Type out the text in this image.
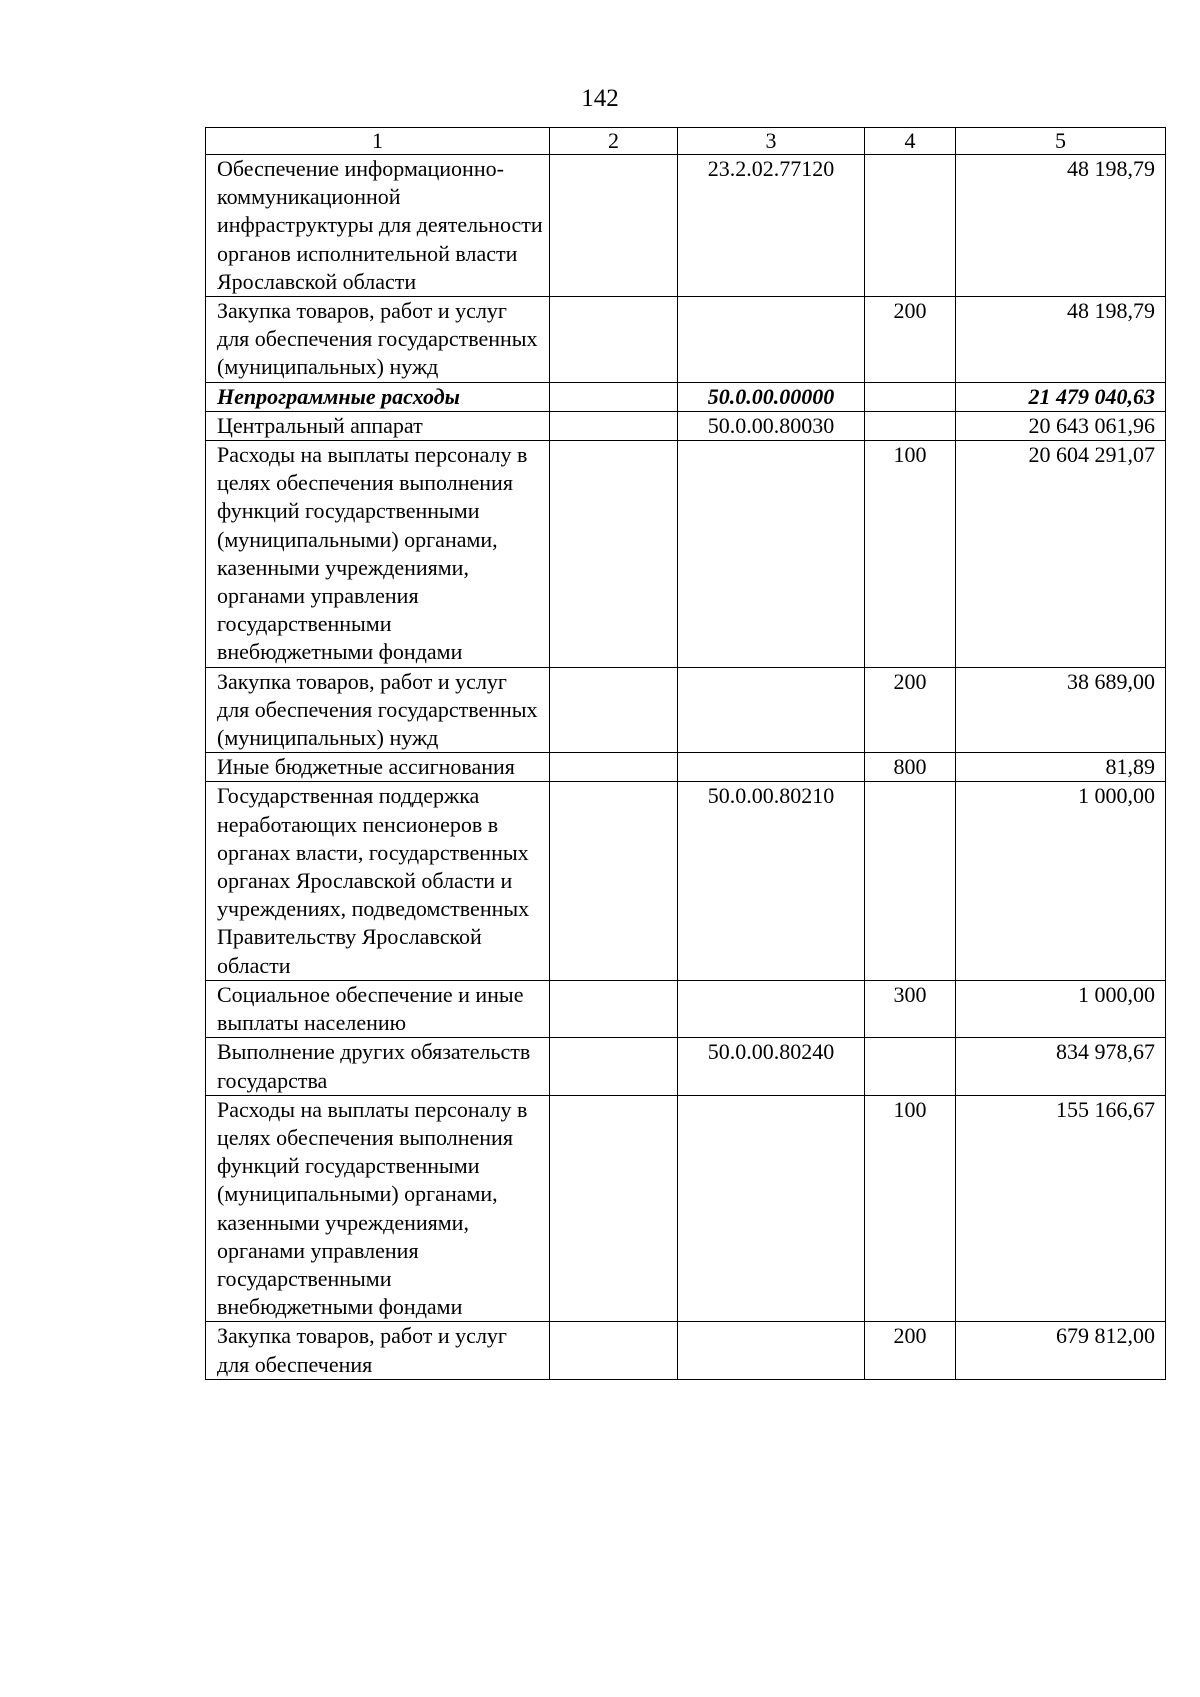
142
1	2	3	4	5
Обеспечение информационно-коммуникационной инфраструктуры для деятельности органов исполнительной власти Ярославской области		23.2.02.77120		48 198,79
Закупка товаров, работ и услуг для обеспечения государственных (муниципальных) нужд			200	48 198,79
Непрограммные расходы		50.0.00.00000		21 479 040,63
Центральный аппарат		50.0.00.80030		20 643 061,96
Расходы на выплаты персоналу в целях обеспечения выполнения функций государственными (муниципальными) органами, казенными учреждениями, органами управления государственными внебюджетными фондами			100	20 604 291,07
Закупка товаров, работ и услуг для обеспечения государственных (муниципальных) нужд			200	38 689,00
Иные бюджетные ассигнования			800	81,89
Государственная поддержка неработающих пенсионеров в органах власти, государственных органах Ярославской области и учреждениях, подведомственных Правительству Ярославской области		50.0.00.80210		1 000,00
Социальное обеспечение и иные выплаты населению			300	1 000,00
Выполнение других обязательств государства		50.0.00.80240		834 978,67
Расходы на выплаты персоналу в целях обеспечения выполнения функций государственными (муниципальными) органами, казенными учреждениями, органами управления государственными внебюджетными фондами			100	155 166,67
Закупка товаров, работ и услуг для обеспечения			200	679 812,00
